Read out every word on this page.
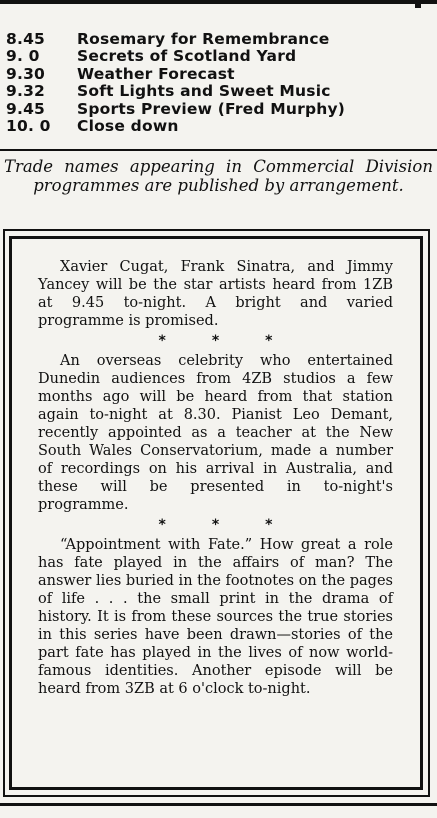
8.45	Rosemary for Remembrance
9. 0	Secrets of Scotland Yard
9.30	Weather Forecast
9.32	Soft Lights and Sweet Music
9.45	Sports Preview (Fred Murphy)
10. 0	Close down
Trade names appearing in Commercial Division programmes are published by arrangement.

Xavier Cugat, Frank Sinatra, and Jimmy Yancey will be the star artists heard from 1ZB at 9.45 to-night. A bright and varied programme is promised.

*	*	*

An overseas celebrity who entertained Dunedin audiences from 4ZB studios a few months ago will be heard from that station again to-night at 8.30. Pianist Leo Demant, recently appointed as a teacher at the New South Wales Conservatorium, made a number of recordings on his arrival in Australia, and these will be presented in to-night's programme.

*	*	*

“Appointment with Fate.” How great a role has fate played in the affairs of man? The answer lies buried in the footnotes on the pages of life . . . the small print in the drama of history. It is from these sources the true stories in this series have been drawn—stories of the part fate has played in the lives of now world-famous identities. Another episode will be heard from 3ZB at 6 o'clock to-night.
